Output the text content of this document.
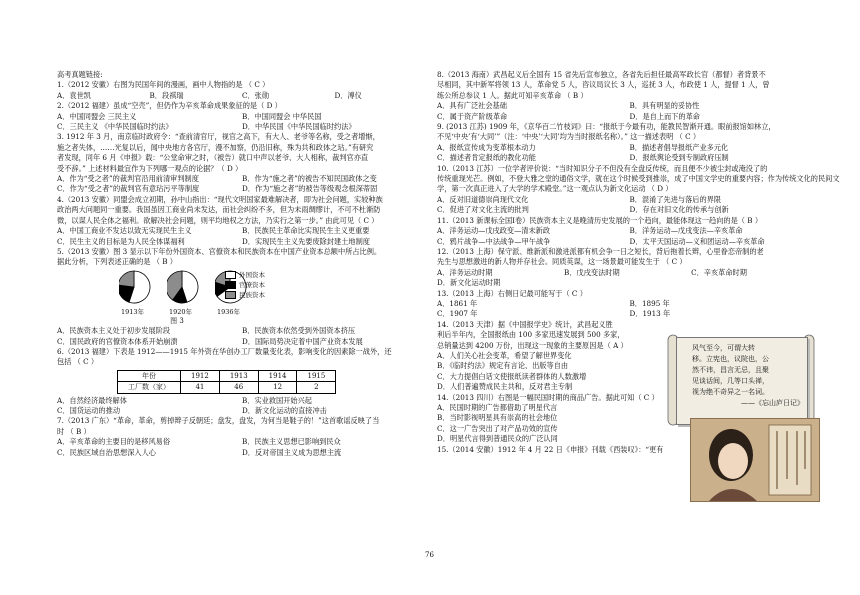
高考真题链接:

1.（2012 安徽）右图为民国年间的漫画，画中人物指的是 （ C ）

A．袁世凯	B．段祺瑞	C．张勋	D．溥仪

2.（2012 福建）虽成“空壳”，但仍作为辛亥革命成果象征的是（ D ）

A．中国同盟会 三民主义	B．中国同盟会 中华民国
C．三民主义 《中华民国临时约法》	D．中华民国《中华民国临时约法》

3. 1912 年 3 月，南京临时政府令：“查前清官厅，视官之高下，有大人、老爷等名称，受之者增惭，

施之者失体，……光复以后，闻中央地方各官厅，漫不加察，仍沿旧称，殊为共和政体之玷。”有研究

者发现，同年 6 月《申报》载：“公堂命审之时，（被告）就口中声以老爷、大人相称，裁判官亦直

受不辞。” 上述材料最宜作为下列哪一观点的论据？（ D ）

A．作为“受之者”的裁判官沿用前清审判制度	B．作为“施之者”的被告不知民国政体之变
C．作为“受之者”的裁判官有意玷污平等制度	D．作为“施之者”的被告等级观念根深蒂固

4.（2013 安徽）同盟会成立初期，孙中山指出：“现代文明国家最难解决者，即为社会问题，实较种族

政治两大问题同一重要。我国虽因工商业尚未发达，而社会纠纷不多，但为未雨绸缪计，不可不杜渐防

微，以谋人民全体之福利。欲解决社会问题，则平均地权之方法，乃实行之第一步。” 由此可见（ C ）

A．中国工商业不发达以致无实现民生主义	B．民族民主革命比实现民生主义更重要
C．民生主义的目标是为人民全体谋福利	D．实现民生主义先要废除封建土地制度

5.（2013 安徽）图 3 显示以下年份外国资本、官僚资本和民族资本在中国产业资本总额中所占比例。

据此分析，下列表述正确的是 （ B ）

1913年	1920年	1936年
外国资本
官僚资本
民族资本
图 3
A．民族资本主义处于初步发展阶段	B．民族资本依然受到外国资本挤压
C．国民政府的官僚资本体系开始崩溃	D．国际局势决定着中国产业资本发展

6.（2013 福建）下表是 1912——1915 年外资在华创办工厂数量变化表，影响变化的因素除一战外，还

包括 （ C ）

年份	1912	1913	1914	1915
工厂数（家）	41	46	12	2
A．自然经济最终解体	B．实业救国开始兴起
C．国货运动的推动	D．新文化运动的直接冲击

7.（2013 广东）“革命，革命，剪掉辫子反朝廷；盘发，盘发，为何当是鞋子的！”这首歌谣反映了当

时 （ B ）

A．辛亥革命的主要目的是移风易俗	B．民族主义思想已影响到民众
C．民族区域自治思想深入人心	D．反对帝国主义成为思想主流

8.（2013 海南）武昌起义后全国有 15 省先后宣布独立，各省先后担任最高军政长官（都督）者背景不

尽相同，其中新军将领 13 人，革命党 5 人，咨议局议长 3 人，巡抚 3 人，布政使 1 人，提督 1 人，曾

练公所总参议 1 人。据此可知辛亥革命 （ B ）

A．具有广泛社会基础	B．具有明显的妥协性
C．属于资产阶级革命	D．是自上而下的革命

9. (2013 江苏) 1909 年，《京华百二竹枝词》曰：“报纸于今最有功，能教民智渐开通。眼前报馆如林立，

不见‘中央’有‘大同’”（注：‘中央’‘大同’均为当时报纸名称）。” 这一描述表明 （ C ）

A．报纸宣传成为变革根本动力	B．描述者倡导报纸产业多元化
C．描述者肯定报纸的教化功能	D．报纸舆论受到专制政府压制

10.（2013 江苏）一位学者评价说：“当时知识分子不但没有全盘反传统，而且便不少被尘封或淹没了的

传统重现光芒。例如，不登大雅之堂的通俗文学，就在这个时候受到推崇，成了中国文学史的重要内容；作为传统文化的民间文

学，第一次真正进入了大学的学术殿堂。”这一观点认为新文化运动 （ D ）

A．反对旧道德崇尚现代文化	B．混淆了先进与落后的界限
C．促进了对文化主流的批判	D．存在对旧文化的传承与创新

11.（2013 新课标全国Ⅰ卷）民族资本主义是晚清历史发展的一个趋向，最能体现这一趋向的是（ B ）

A．洋务运动—戊戌政变—清末新政	B．洋务运动—戊戌变法—辛亥革命
C．鸦片战争—中法战争—甲午战争	D．太平天国运动—义和团运动—辛亥革命

12.（2013 上海）保守派、维新派和激进派都有机会争一日之短长，背后拖着长辫，心里眷恋帝制的老

先生与思想激进的新人物并存社会。同质英谋，这一场景最可能发生于 （ C ）

A．洋务运动时期	B．戊戌变法时期	C．辛亥革命时期
D．新文化运动时期

13.（2013 上海）右侧日记最可能写于（ C ）

A．1861 年	B．1895 年
C．1907 年	D．1913 年

14.（2013 天津）据《中国报学史》统计，武昌起义胜

利后半年内，全国报纸由 100 多家迅速发展到 500 多家，

总销量达到 4200 万份，出现这一现象的主要原因是（ A ）

A．人们关心社会变革，希望了解世界变化
B．《临时约法》规定有言论、出版等自由
C．大力提倡白话文使报纸读者群体的人数激增
D．人们普遍赞成民主共和，反对君主专制

14.（2013 四川）右图是一幅民国时期的商品广告。据此可知（ C ）

A．民国时期的广告都借助了明星代言
B．当时影视明星具有崇高的社会地位
C．这一广告突出了对产品功效的宣传
D．明星代言得到普通民众的广泛认同

15.（2014 安徽）1912 年 4 月 22 日《申报》刊载《西装叹》：“更有

风气至今，可谓大转
移。立宪也，议院也，公
然不讳，昌言无忌，且聚
见谈话间，几等口头禅，
视为绝不奇异之一名词。
——《忘山庐日记》
76
